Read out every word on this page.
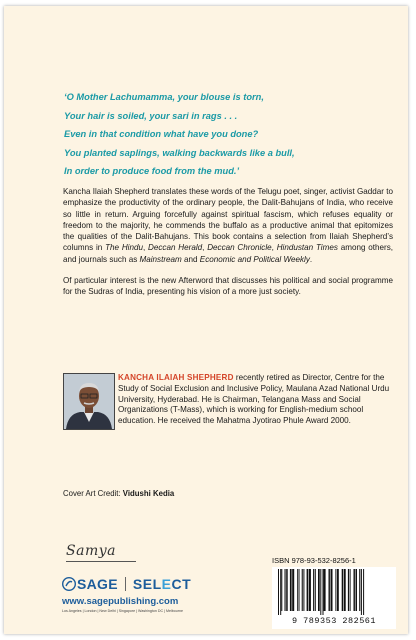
‘O Mother Lachumamma, your blouse is torn,
Your hair is soiled, your sari in rags . . .
Even in that condition what have you done?
You planted saplings, walking backwards like a bull,
In order to produce food from the mud.’

Kancha Ilaiah Shepherd translates these words of the Telugu poet, singer, activist Gaddar to emphasize the productivity of the ordinary people, the Dalit-Bahujans of India, who receive so little in return. Arguing forcefully against spiritual fascism, which refuses equality or freedom to the majority, he commends the buffalo as a productive animal that epitomizes the qualities of the Dalit-Bahujans. This book contains a selection from Ilaiah Shepherd’s columns in The Hindu, Deccan Herald, Deccan Chronicle, Hindustan Times among others, and journals such as Mainstream and Economic and Political Weekly.

Of particular interest is the new Afterword that discusses his political and social programme for the Sudras of India, presenting his vision of a more just society.

KANCHA ILAIAH SHEPHERD recently retired as Director, Centre for the Study of Social Exclusion and Inclusive Policy, Maulana Azad National Urdu University, Hyderabad. He is Chairman, Telangana Mass and Social Organizations (T-Mass), which is working for English-medium school education. He received the Mahatma Jyotirao Phule Award 2000.
Cover Art Credit: Vidushi Kedia
Samya
SAGE SELECT
www.sagepublishing.com
Los Angeles | London | New Delhi | Singapore | Washington DC | Melbourne
ISBN 978-93-532-8256-1
9 789353 282561
